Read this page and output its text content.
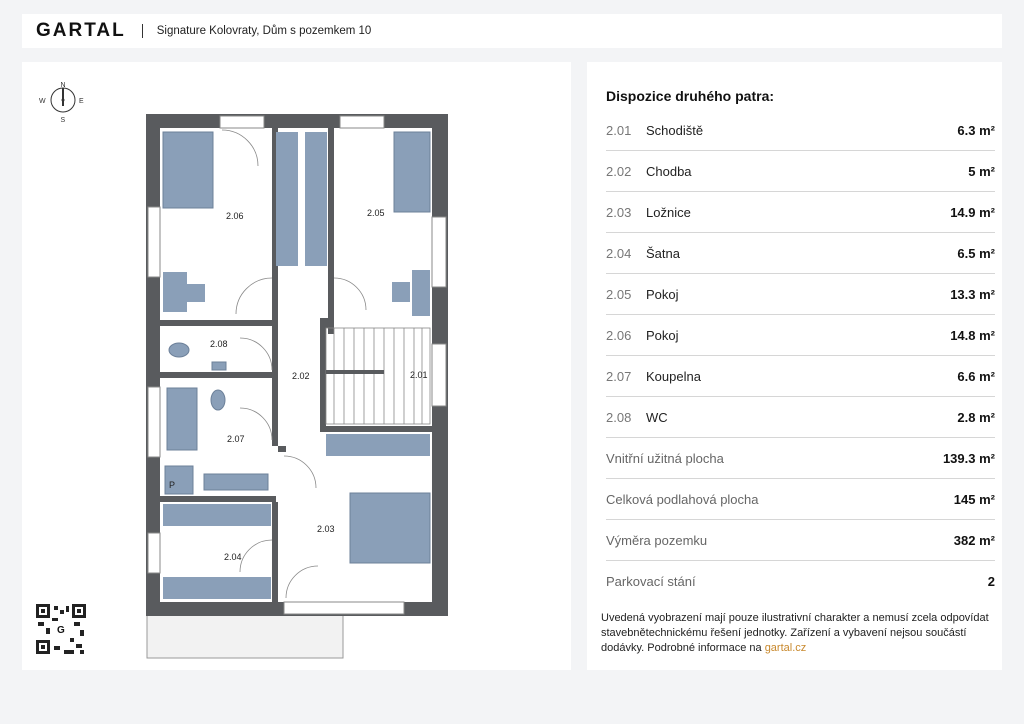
GARTAL	Signature Kolovraty, Dům s pozemkem 10
N
S
E
W
2.06	2.05
2.08
2.02	2.01
2.07
2.03
2.04
P
G
Dispozice druhého patra:
2.01	Schodiště	6.3 m²
2.02	Chodba	5 m²
2.03	Ložnice	14.9 m²
2.04	Šatna	6.5 m²
2.05	Pokoj	13.3 m²
2.06	Pokoj	14.8 m²
2.07	Koupelna	6.6 m²
2.08	WC	2.8 m²
Vnitřní užitná plocha	139.3 m²
Celková podlahová plocha	145 m²
Výměra pozemku	382 m²
Parkovací stání	2
Uvedená vyobrazení mají pouze ilustrativní charakter a nemusí zcela odpovídat stavebnětechnickému řešení jednotky. Zařízení a vybavení nejsou součástí dodávky. Podrobné informace na gartal.cz
